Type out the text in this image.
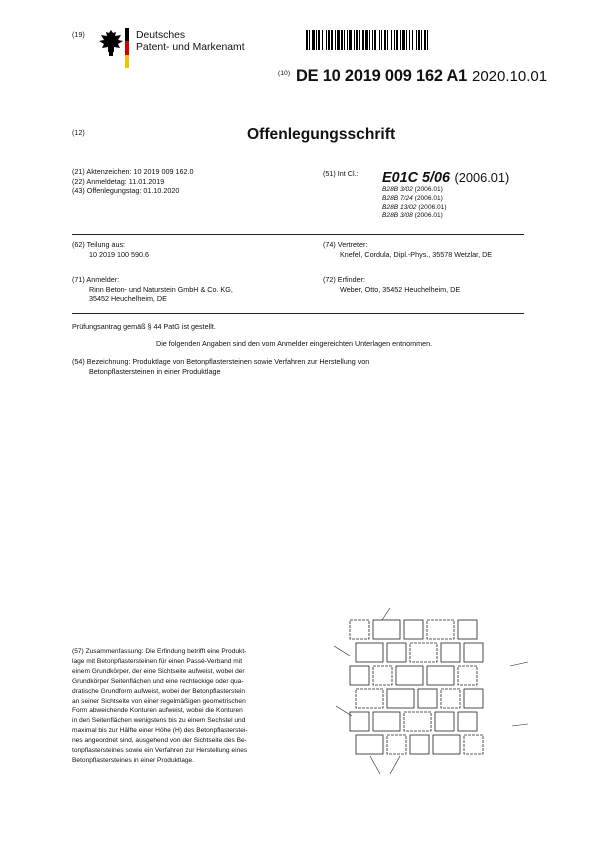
(19)	Deutsches
Patent- und Markenamt
(10) DE 10 2019 009 162 A1 2020.10.01
(12)	Offenlegungsschrift
(21) Aktenzeichen: 10 2019 009 162.0
(22) Anmeldetag: 11.01.2019
(43) Offenlegungstag: 01.10.2020
(51) Int Cl.: E01C 5/06 (2006.01)
B28B 3/02 (2006.01)
B28B 7/24 (2006.01)
B28B 13/02 (2006.01)
B28B 3/08 (2006.01)
(62) Teilung aus:
10 2019 100 590.6
(74) Vertreter:
Knefel, Cordula, Dipl.-Phys., 35578 Wetzlar, DE
(71) Anmelder:
Rinn Beton- und Naturstein GmbH & Co. KG,
35452 Heuchelheim, DE
(72) Erfinder:
Weber, Otto, 35452 Heuchelheim, DE
Prüfungsantrag gemäß § 44 PatG ist gestellt.
Die folgenden Angaben sind den vom Anmelder eingereichten Unterlagen entnommen.
(54) Bezeichnung: Produktlage von Betonpflastersteinen sowie Verfahren zur Herstellung von
Betonpflastersteinen in einer Produktlage
(57) Zusammenfassung: Die Erfindung betrifft eine Produkt-
lage mit Betonpflastersteinen für einen Passé-Verband mit
einem Grundkörper, der eine Sichtseite aufweist, wobei der
Grundkörper Seitenflächen und eine rechteckige oder qua-
dratische Grundform aufweist, wobei der Betonpflasterstein
an seiner Sichtseite von einer regelmäßigen geometrischen
Form abweichende Konturen aufweist, wobei die Konturen
in den Seitenflächen wenigstens bis zu einem Sechstel und
maximal bis zur Hälfte einer Höhe (H) des Betonpflasterstei-
nes angeordnet sind, ausgehend von der Sichtseite des Be-
tonpflastersteines sowie ein Verfahren zur Herstellung eines
Betonpflastersteines in einer Produktlage.
